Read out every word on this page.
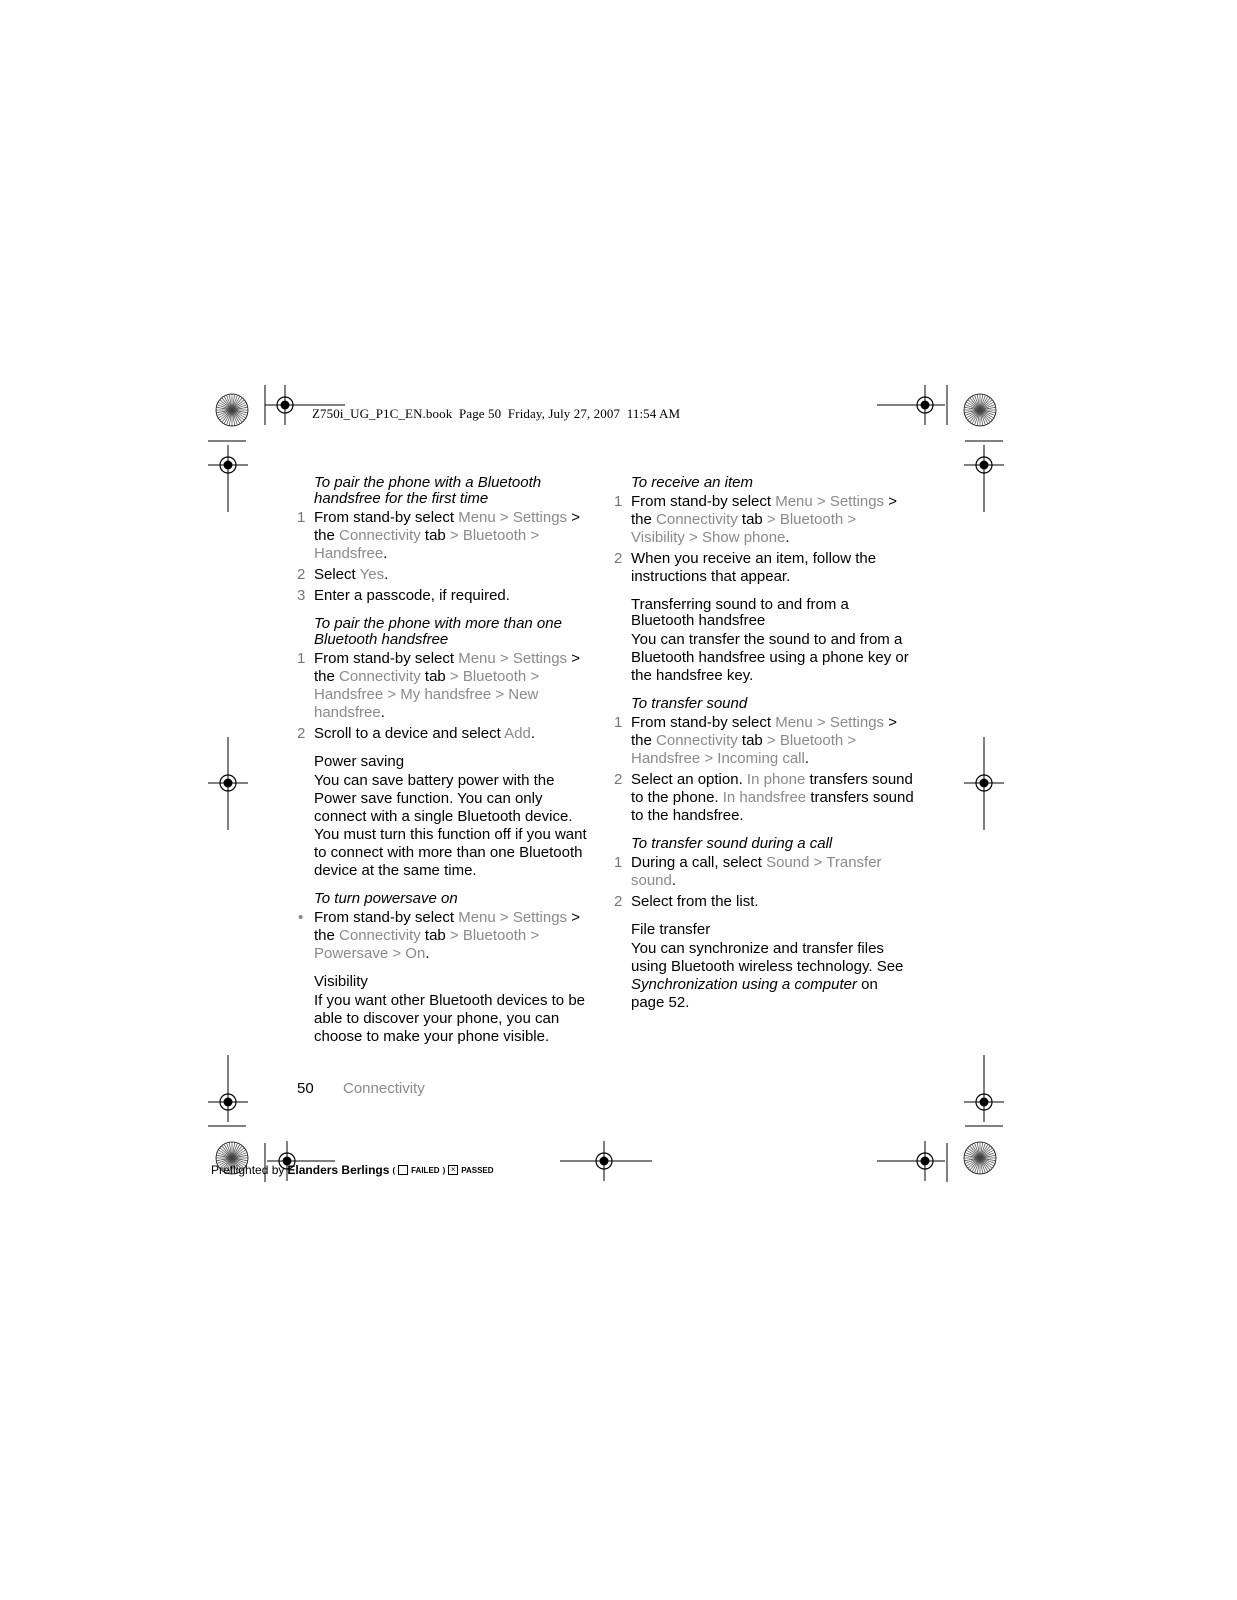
Z750i_UG_P1C_EN.book  Page 50  Friday, July 27, 2007  11:54 AM
To pair the phone with a Bluetooth handsfree for the first time
1 From stand-by select Menu > Settings > the Connectivity tab > Bluetooth > Handsfree.
2 Select Yes.
3 Enter a passcode, if required.
To pair the phone with more than one Bluetooth handsfree
1 From stand-by select Menu > Settings > the Connectivity tab > Bluetooth > Handsfree > My handsfree > New handsfree.
2 Scroll to a device and select Add.
Power saving

You can save battery power with the Power save function. You can only connect with a single Bluetooth device. You must turn this function off if you want to connect with more than one Bluetooth device at the same time.

To turn powersave on
• From stand-by select Menu > Settings > the Connectivity tab > Bluetooth > Powersave > On.
Visibility

If you want other Bluetooth devices to be able to discover your phone, you can choose to make your phone visible.

To receive an item
1 From stand-by select Menu > Settings > the Connectivity tab > Bluetooth > Visibility > Show phone.
2 When you receive an item, follow the instructions that appear.
Transferring sound to and from a Bluetooth handsfree

You can transfer the sound to and from a Bluetooth handsfree using a phone key or the handsfree key.

To transfer sound
1 From stand-by select Menu > Settings > the Connectivity tab > Bluetooth > Handsfree > Incoming call.
2 Select an option. In phone transfers sound to the phone. In handsfree transfers sound to the handsfree.
To transfer sound during a call
1 During a call, select Sound > Transfer sound.
2 Select from the list.
File transfer

You can synchronize and transfer files using Bluetooth wireless technology. See Synchronization using a computer on page 52.

50 Connectivity
Preflighted by Elanders Berlings ( FAILED ) × PASSED
